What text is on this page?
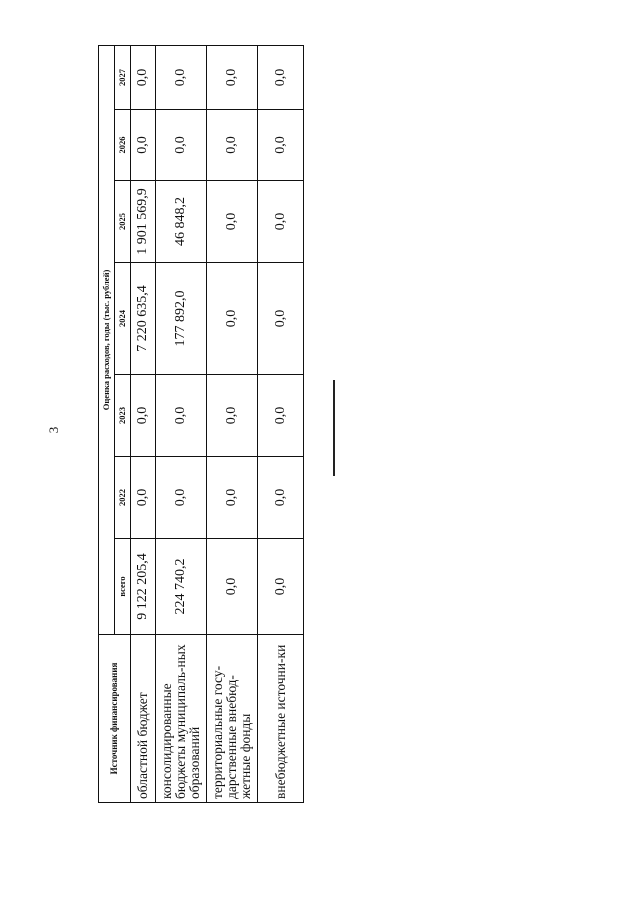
3
Источник финансирования	Оценка расходов, годы (тыс. рублей)						
	всего	2022	2023	2024	2025	2026	2027
областной бюджет	9 122 205,4	0,0	0,0	7 220 635,4	1 901 569,9	0,0	0,0
консолидированные бюджеты муниципаль-ных образований	224 740,2	0,0	0,0	177 892,0	46 848,2	0,0	0,0
территориальные госу-дарственные внебюд-жетные фонды	0,0	0,0	0,0	0,0	0,0	0,0	0,0
внебюджетные источни-ки	0,0	0,0	0,0	0,0	0,0	0,0	0,0
